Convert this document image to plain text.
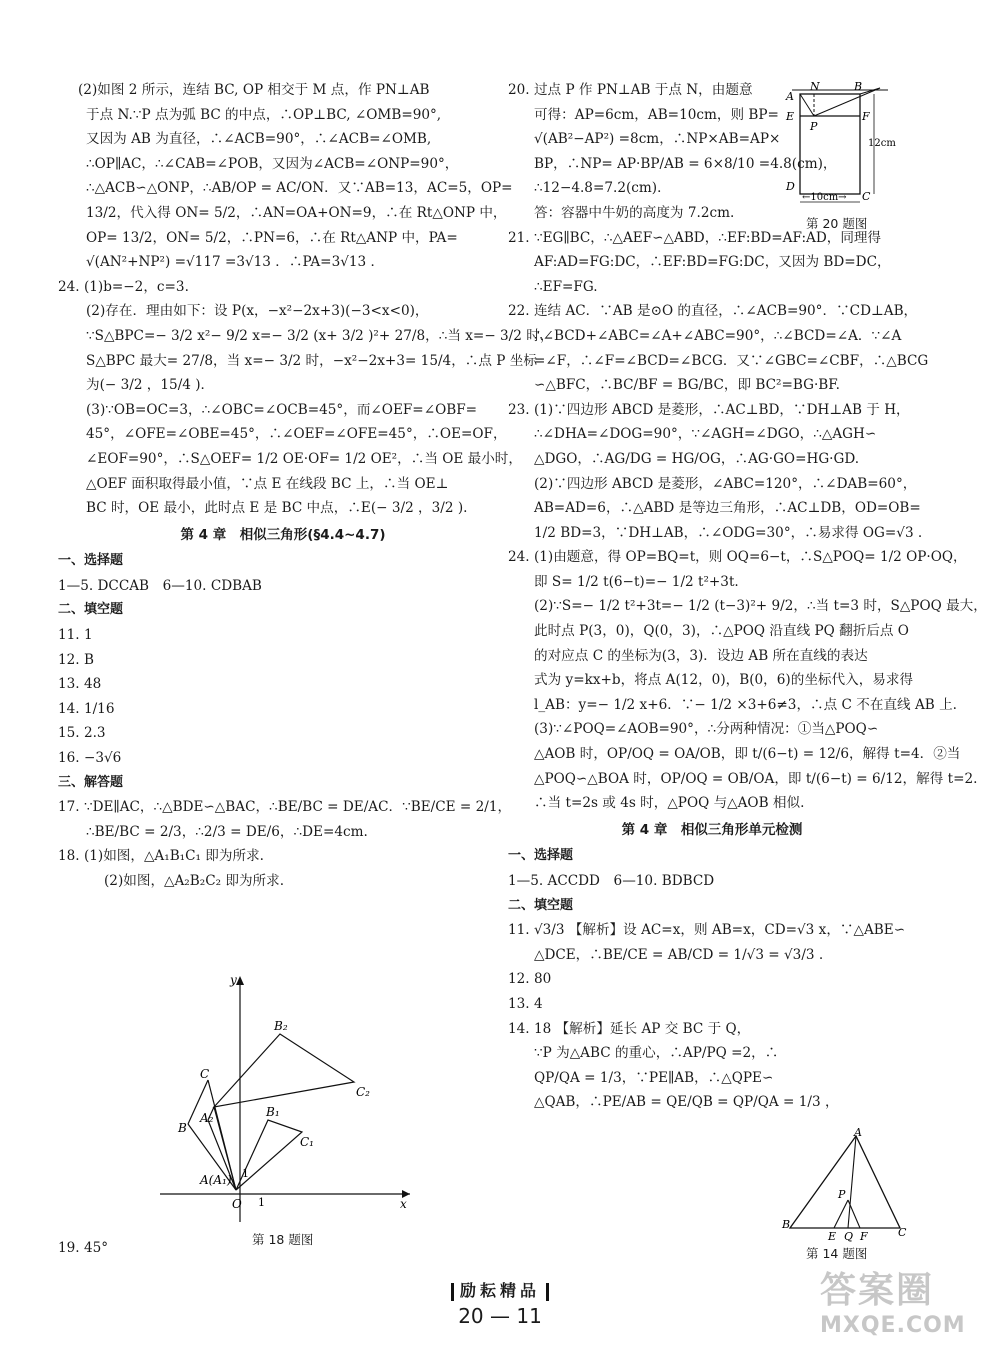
(2)如图 2 所示，连结 BC, OP 相交于 M 点，作 PN⊥AB
于点 N.∵P 点为弧 BC 的中点，∴OP⊥BC, ∠OMB=90°,
又因为 AB 为直径，∴∠ACB=90°，∴∠ACB=∠OMB,
∴OP∥AC，∴∠CAB=∠POB，又因为∠ACB=∠ONP=90°，
∴△ACB∽△ONP，∴AB/OP = AC/ON．又∵AB=13，AC=5，OP=
13/2，代入得 ON= 5/2，∴AN=OA+ON=9，∴在 Rt△ONP 中，
OP= 13/2，ON= 5/2，∴PN=6，∴在 Rt△ANP 中，PA=
√(AN²+NP²) =√117 =3√13 ．∴PA=3√13 ．
24. (1)b=−2，c=3.
(2)存在．理由如下：设 P(x，−x²−2x+3)(−3<x<0)，
∵S△BPC=− 3/2 x²− 9/2 x=− 3/2 (x+ 3/2 )²+ 27/8，∴当 x=− 3/2 时，
S△BPC 最大= 27/8，当 x=− 3/2 时，−x²−2x+3= 15/4，∴点 P 坐标
为(− 3/2 ，15/4 )．
(3)∵OB=OC=3，∴∠OBC=∠OCB=45°，而∠OEF=∠OBF=
45°，∠OFE=∠OBE=45°，∴∠OEF=∠OFE=45°，∴OE=OF，
∠EOF=90°，∴S△OEF= 1/2 OE·OF= 1/2 OE²，∴当 OE 最小时，
△OEF 面积取得最小值，∵点 E 在线段 BC 上，∴当 OE⊥
BC 时，OE 最小，此时点 E 是 BC 中点，∴E(− 3/2 ，3/2 ).
第 4 章　相似三角形(§4.4~4.7)
一、选择题
1—5. DCCAB　6—10. CDBAB
二、填空题
11. 1
12. B
13. 48
14. 1/16
15. 2.3
16. −3√6
三、解答题
17. ∵DE∥AC，∴△BDE∽△BAC，∴BE/BC = DE/AC．∵BE/CE = 2/1，
∴BE/BC = 2/3，∴2/3 = DE/6，∴DE=4cm.
18. (1)如图，△A₁B₁C₁ 即为所求.
(2)如图，△A₂B₂C₂ 即为所求.
y
x
O 1
1
B₂
C₂
C
A₂
B
B₁
C₁
A(A₁)
第 18 题图
19. 45°
20. 过点 P 作 PN⊥AB 于点 N，由题意
可得：AP=6cm，AB=10cm，则 BP=
√(AB²−AP²) =8cm，∴NP×AB=AP×
BP，∴NP= AP·BP/AB = 6×8/10 =4.8(cm)，
∴12−4.8=7.2(cm)．
答：容器中牛奶的高度为 7.2cm.
21. ∵EG∥BC，∴△AEF∽△ABD，∴EF:BD=AF:AD，同理得
AF:AD=FG:DC，∴EF:BD=FG:DC，又因为 BD=DC，
∴EF=FG.
22. 连结 AC．∵AB 是⊙O 的直径，∴∠ACB=90°．∵CD⊥AB，
∴∠BCD+∠ABC=∠A+∠ABC=90°，∴∠BCD=∠A．∵∠A
=∠F，∴∠F=∠BCD=∠BCG．又∵∠GBC=∠CBF，∴△BCG
∽△BFC，∴BC/BF = BG/BC，即 BC²=BG·BF.
23. (1)∵四边形 ABCD 是菱形，∴AC⊥BD，∵DH⊥AB 于 H，
∴∠DHA=∠DOG=90°，∵∠AGH=∠DGO，∴△AGH∽
△DGO，∴AG/DG = HG/OG，∴AG·GO=HG·GD.
(2)∵四边形 ABCD 是菱形，∠ABC=120°，∴∠DAB=60°，
AB=AD=6，∴△ABD 是等边三角形，∴AC⊥DB，OD=OB=
1/2 BD=3，∵DH⊥AB，∴∠ODG=30°，∴易求得 OG=√3 .
24. (1)由题意，得 OP=BQ=t，则 OQ=6−t，∴S△POQ= 1/2 OP·OQ，
即 S= 1/2 t(6−t)=− 1/2 t²+3t.
(2)∵S=− 1/2 t²+3t=− 1/2 (t−3)²+ 9/2，∴当 t=3 时，S△POQ 最大，
此时点 P(3，0)，Q(0，3)，∴△POQ 沿直线 PQ 翻折后点 O
的对应点 C 的坐标为(3，3)．设边 AB 所在直线的表达
式为 y=kx+b，将点 A(12，0)，B(0，6)的坐标代入，易求得
l_AB：y=− 1/2 x+6．∵− 1/2 ×3+6≠3，∴点 C 不在直线 AB 上.
(3)∵∠POQ=∠AOB=90°，∴分两种情况：①当△POQ∽
△AOB 时，OP/OQ = OA/OB，即 t/(6−t) = 12/6，解得 t=4．②当
△POQ∽△BOA 时，OP/OQ = OB/OA，即 t/(6−t) = 6/12，解得 t=2.
∴当 t=2s 或 4s 时，△POQ 与△AOB 相似.
第 4 章　相似三角形单元检测
一、选择题
1—5. ACCDD　6—10. BDBCD
二、填空题
11. √3/3 【解析】设 AC=x，则 AB=x，CD=√3 x，∵△ABE∽
△DCE，∴BE/CE = AB/CD = 1/√3 = √3/3 .
12. 80
13. 4
14. 18 【解析】延长 AP 交 BC 于 Q，
∵P 为△ABC 的重心，∴AP/PQ =2，∴
QP/QA = 1/3，∵PE∥AB，∴△QPE∽
△QAB，∴PE/AB = QE/QB = QP/QA = 1/3 ，
A
N	B
E
P
F
12cm
D
←10cm→ C
第 20 题图
A
P
B
E Q F	C
第 14 题图
励耘精品
20 — 11
答案圈
MXQE.COM
